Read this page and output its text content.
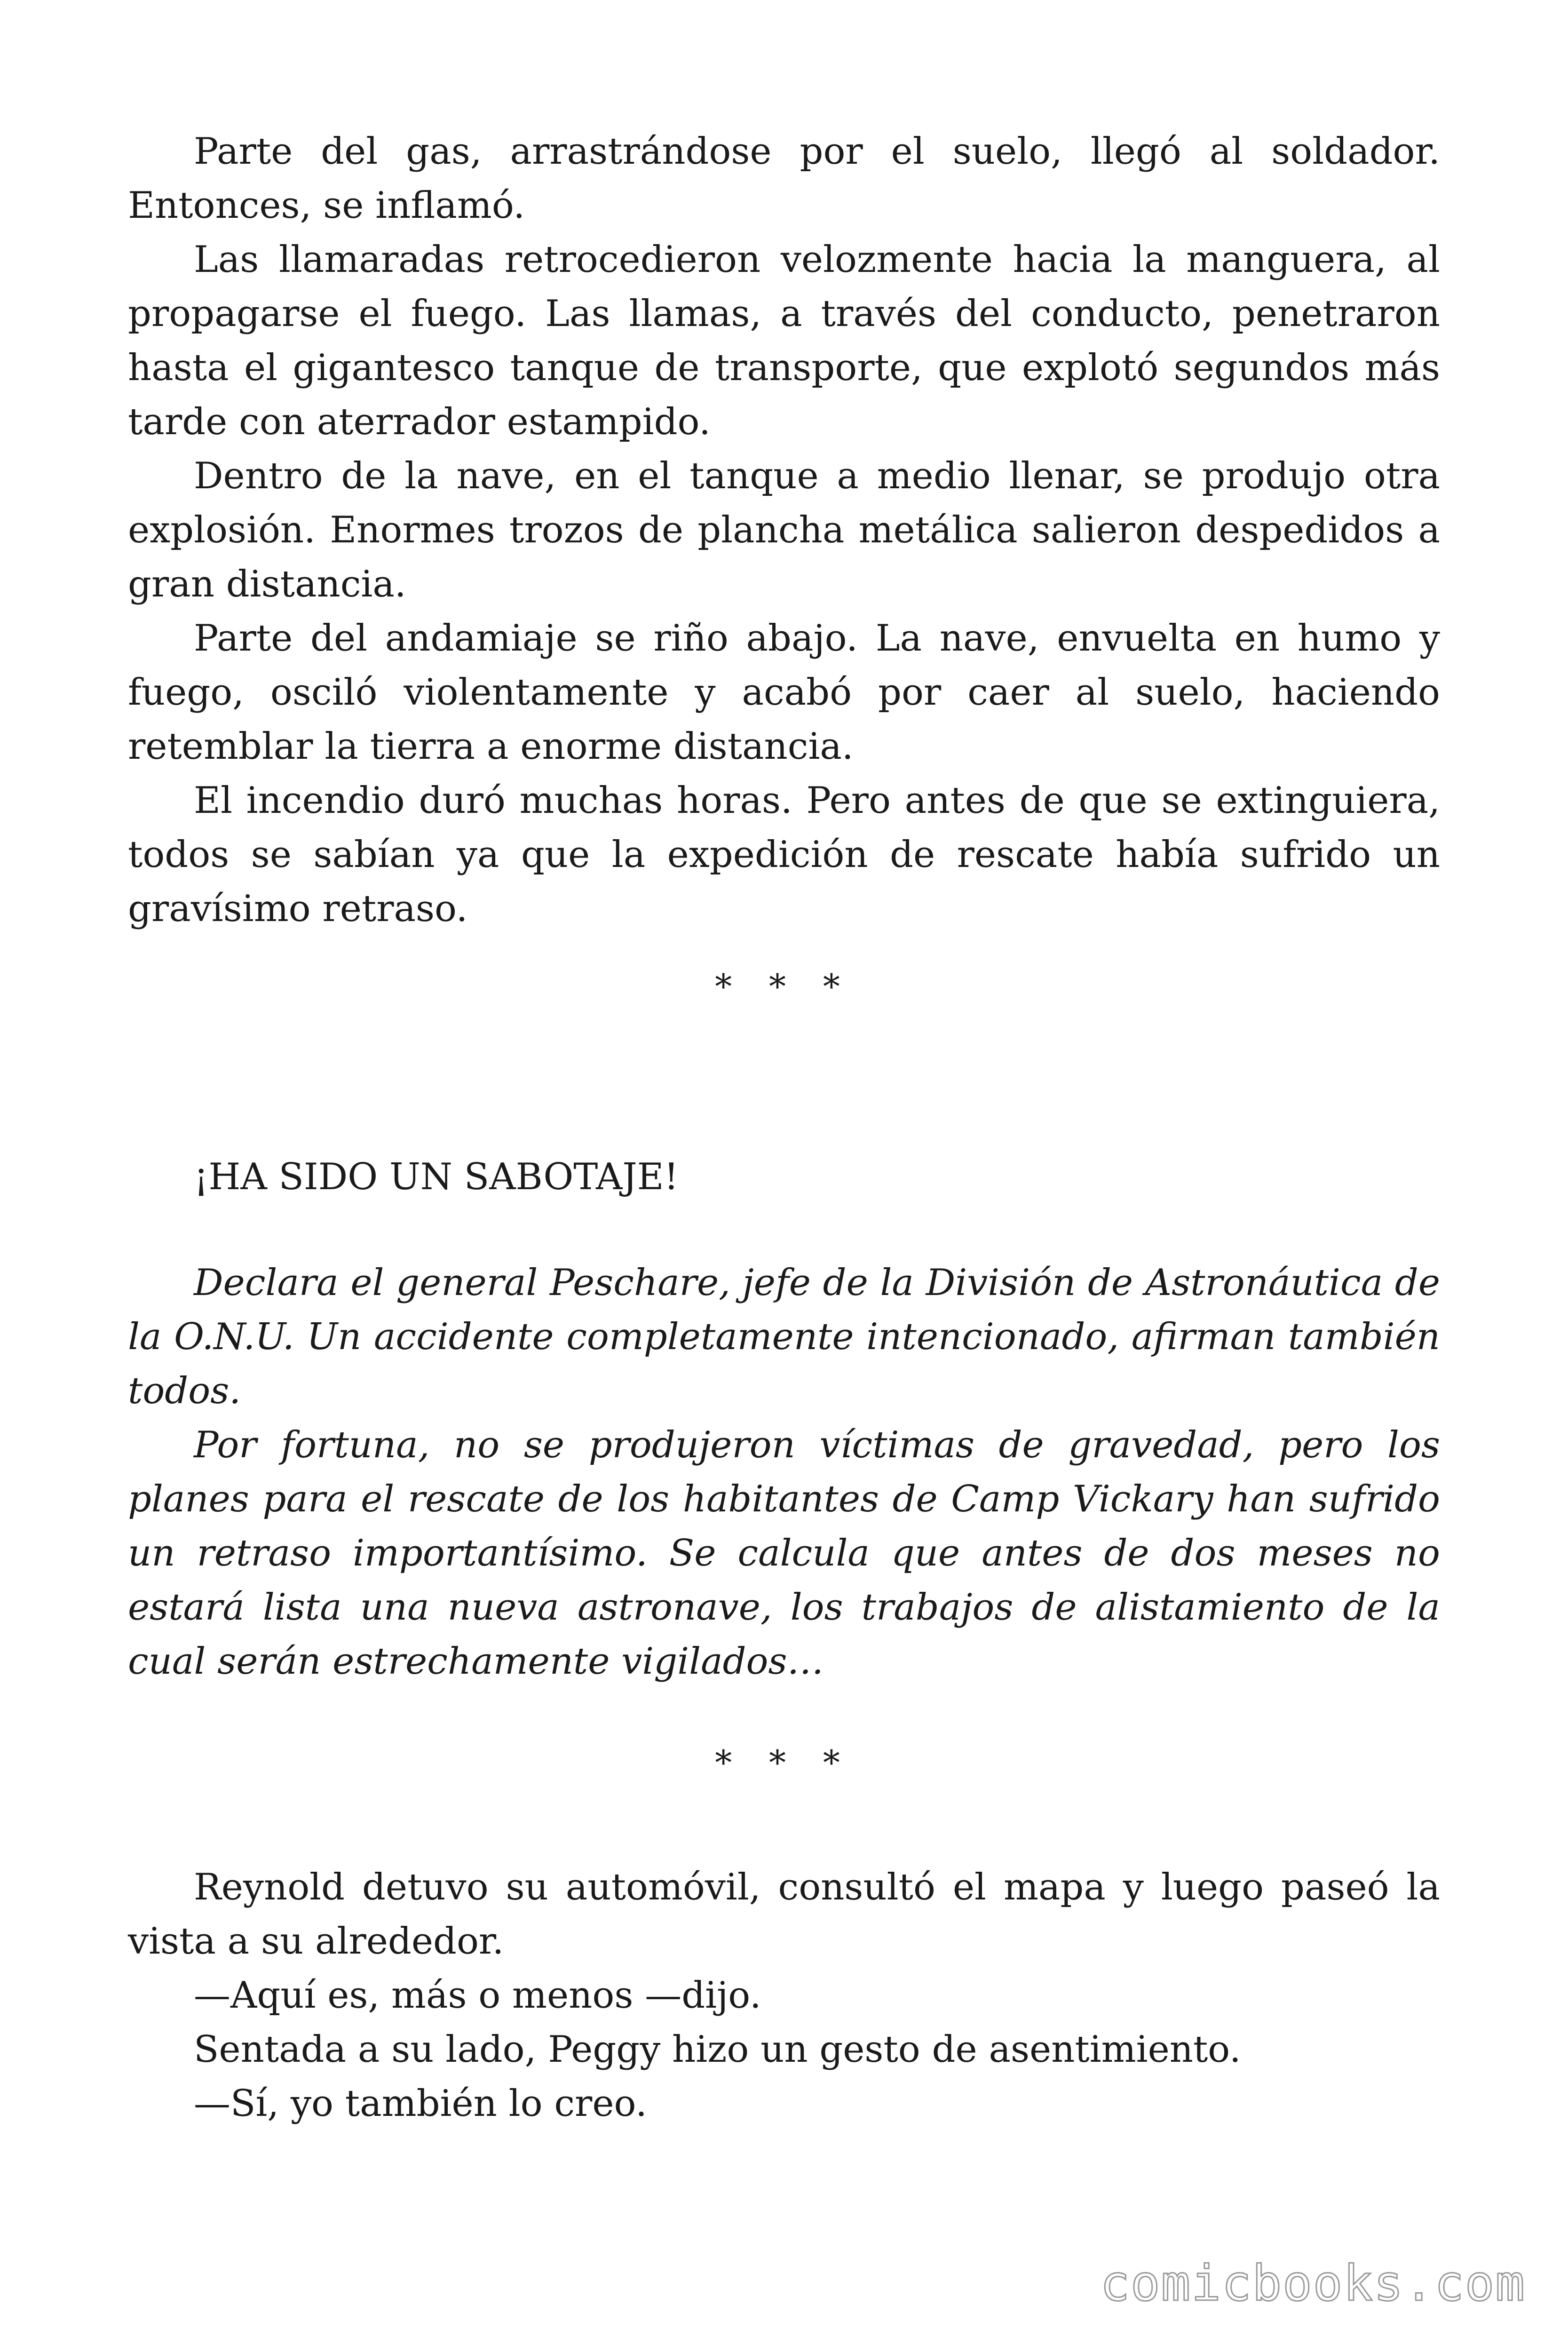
Parte del gas, arrastrándose por el suelo, llegó al soldador. Entonces, se inflamó.

Las llamaradas retrocedieron velozmente hacia la manguera, al propagarse el fuego. Las llamas, a través del conducto, penetraron hasta el gigantesco tanque de transporte, que explotó segundos más tarde con aterrador estampido.

Dentro de la nave, en el tanque a medio llenar, se produjo otra explosión. Enormes trozos de plancha metálica salieron despedidos a gran distancia.

Parte del andamiaje se riño abajo. La nave, envuelta en humo y fuego, osciló violentamente y acabó por caer al suelo, haciendo retemblar la tierra a enorme distancia.

El incendio duró muchas horas. Pero antes de que se extinguiera, todos se sabían ya que la expedición de rescate había sufrido un gravísimo retraso.

* * *

¡HA SIDO UN SABOTAJE!

Declara el general Peschare, jefe de la División de Astronáutica de la O.N.U. Un accidente completamente intencionado, afirman también todos.

Por fortuna, no se produjeron víctimas de gravedad, pero los planes para el rescate de los habitantes de Camp Vickary han sufrido un retraso importantísimo. Se calcula que antes de dos meses no estará lista una nueva astronave, los trabajos de alistamiento de la cual serán estrechamente vigilados…

* * *

Reynold detuvo su automóvil, consultó el mapa y luego paseó la vista a su alrededor.

—Aquí es, más o menos —dijo.

Sentada a su lado, Peggy hizo un gesto de asentimiento.

—Sí, yo también lo creo.

comicbooks.com
